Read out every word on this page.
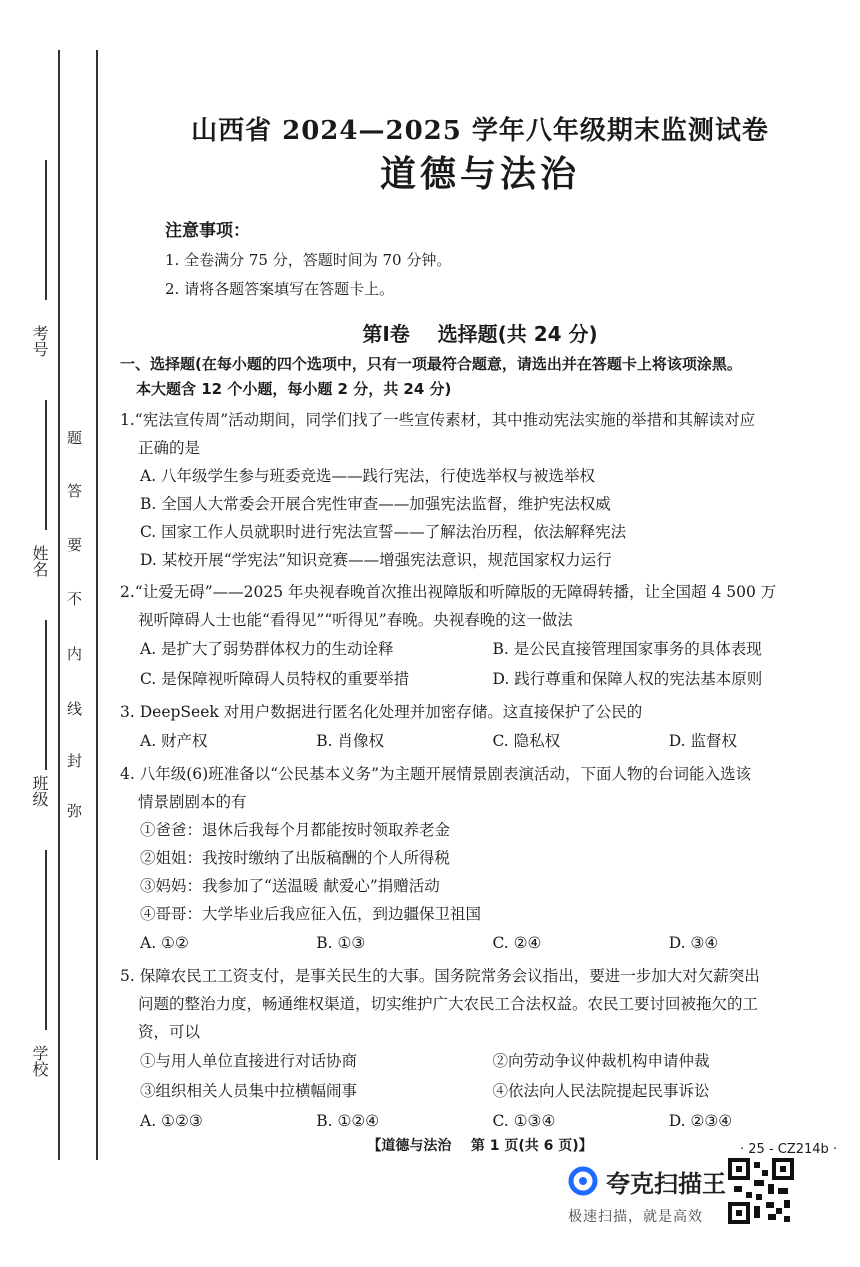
考号
姓名
班级
学校
弥
封
线
内
不
要
答
题
山西省 2024—2025 学年八年级期末监测试卷
道德与法治
注意事项：
1. 全卷满分 75 分，答题时间为 70 分钟。
2. 请将各题答案填写在答题卡上。
第Ⅰ卷    选择题(共 24 分)
一、选择题(在每小题的四个选项中，只有一项最符合题意，请选出并在答题卡上将该项涂黑。
本大题含 12 个小题，每小题 2 分，共 24 分)
1.“宪法宣传周”活动期间，同学们找了一些宣传素材，其中推动宪法实施的举措和其解读对应
正确的是
A. 八年级学生参与班委竞选——践行宪法，行使选举权与被选举权
B. 全国人大常委会开展合宪性审查——加强宪法监督，维护宪法权威
C. 国家工作人员就职时进行宪法宣誓——了解法治历程，依法解释宪法
D. 某校开展“学宪法”知识竞赛——增强宪法意识，规范国家权力运行
2.“让爱无碍”——2025 年央视春晚首次推出视障版和听障版的无障碍转播，让全国超 4 500 万
视听障碍人士也能“看得见”“听得见”春晚。央视春晚的这一做法
A. 是扩大了弱势群体权力的生动诠释	B. 是公民直接管理国家事务的具体表现
C. 是保障视听障碍人员特权的重要举措	D. 践行尊重和保障人权的宪法基本原则
3. DeepSeek 对用户数据进行匿名化处理并加密存储。这直接保护了公民的
A. 财产权	B. 肖像权	C. 隐私权	D. 监督权
4. 八年级(6)班准备以“公民基本义务”为主题开展情景剧表演活动，下面人物的台词能入选该
情景剧剧本的有
①爸爸：退休后我每个月都能按时领取养老金
②姐姐：我按时缴纳了出版稿酬的个人所得税
③妈妈：我参加了“送温暖 献爱心”捐赠活动
④哥哥：大学毕业后我应征入伍，到边疆保卫祖国
A. ①②	B. ①③	C. ②④	D. ③④
5. 保障农民工工资支付，是事关民生的大事。国务院常务会议指出，要进一步加大对欠薪突出
问题的整治力度，畅通维权渠道，切实维护广大农民工合法权益。农民工要讨回被拖欠的工
资，可以
①与用人单位直接进行对话协商	②向劳动争议仲裁机构申请仲裁
③组织相关人员集中拉横幅闹事	④依法向人民法院提起民事诉讼
A. ①②③	B. ①②④	C. ①③④	D. ②③④
【道德与法治    第 1 页(共 6 页)】	· 25 - CZ214b ·
夸克扫描王
极速扫描，就是高效
